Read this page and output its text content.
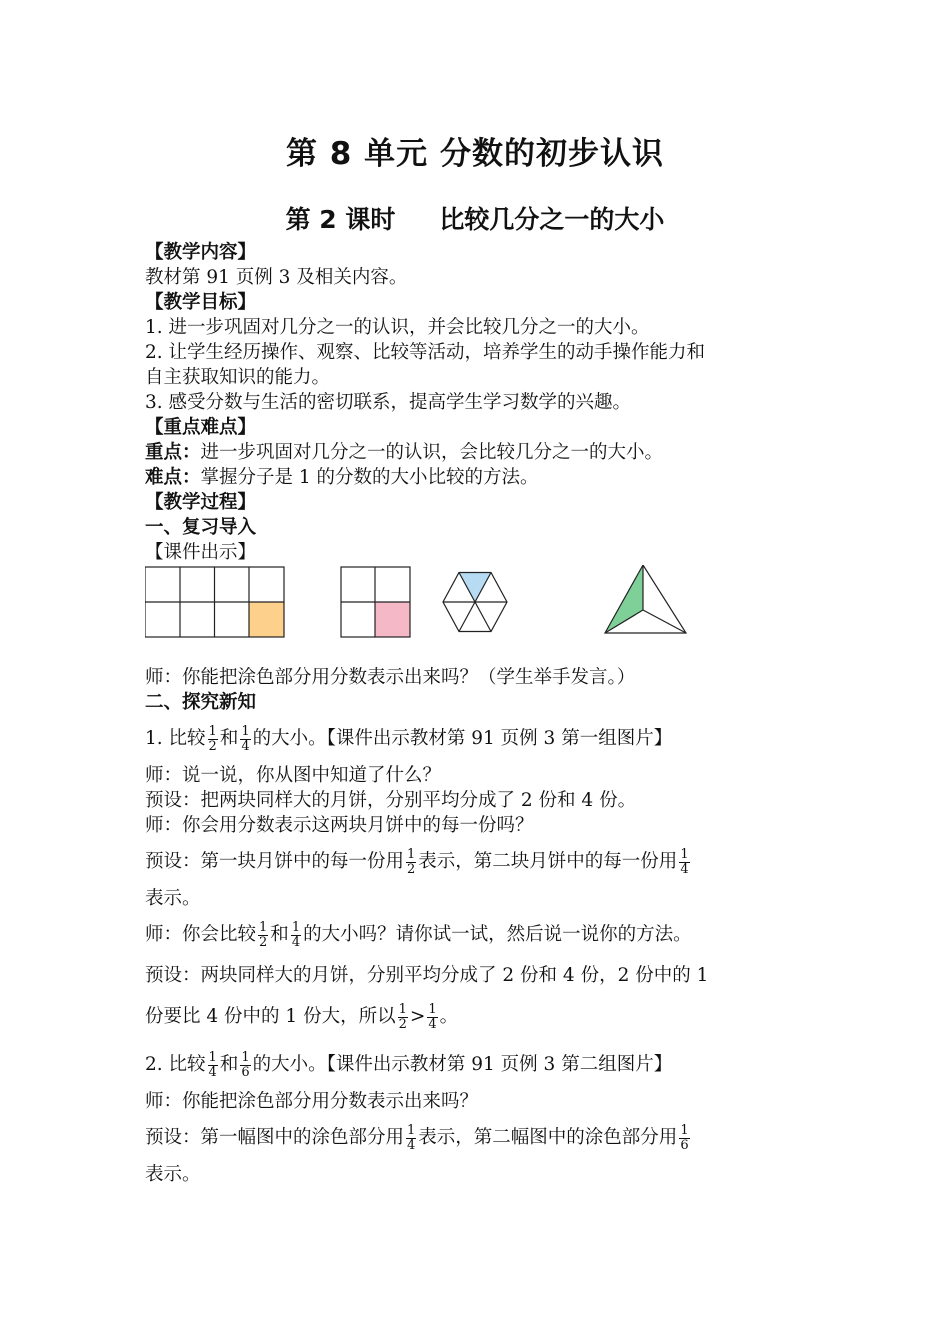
第 8 单元 分数的初步认识
第 2 课时 比较几分之一的大小
【教学内容】
教材第 91 页例 3 及相关内容。
【教学目标】
1. 进一步巩固对几分之一的认识，并会比较几分之一的大小。
2. 让学生经历操作、观察、比较等活动，培养学生的动手操作能力和
自主获取知识的能力。
3. 感受分数与生活的密切联系，提高学生学习数学的兴趣。
【重点难点】
重点：进一步巩固对几分之一的认识，会比较几分之一的大小。
难点：掌握分子是 1 的分数的大小比较的方法。
【教学过程】
一、复习导入
【课件出示】
师：你能把涂色部分用分数表示出来吗？（学生举手发言。）
二、探究新知
1. 比较 $\frac{1}{2}$ 和 $\frac{1}{4}$ 的大小。【课件出示教材第 91 页例 3 第一组图片】
师：说一说，你从图中知道了什么？
预设：把两块同样大的月饼，分别平均分成了 2 份和 4 份。
师：你会用分数表示这两块月饼中的每一份吗？
预设：第一块月饼中的每一份用 $\frac{1}{2}$ 表示，第二块月饼中的每一份用 $\frac{1}{4}$
表示。
师：你会比较 $\frac{1}{2}$ 和 $\frac{1}{4}$ 的大小吗？请你试一试，然后说一说你的方法。
预设：两块同样大的月饼，分别平均分成了 2 份和 4 份，2 份中的 1
份要比 4 份中的 1 份大，所以 $\frac{1}{2} > \frac{1}{4}$ 。
2. 比较 $\frac{1}{4}$ 和 $\frac{1}{6}$ 的大小。【课件出示教材第 91 页例 3 第二组图片】
师：你能把涂色部分用分数表示出来吗？
预设：第一幅图中的涂色部分用 $\frac{1}{4}$ 表示，第二幅图中的涂色部分用 $\frac{1}{6}$
表示。
